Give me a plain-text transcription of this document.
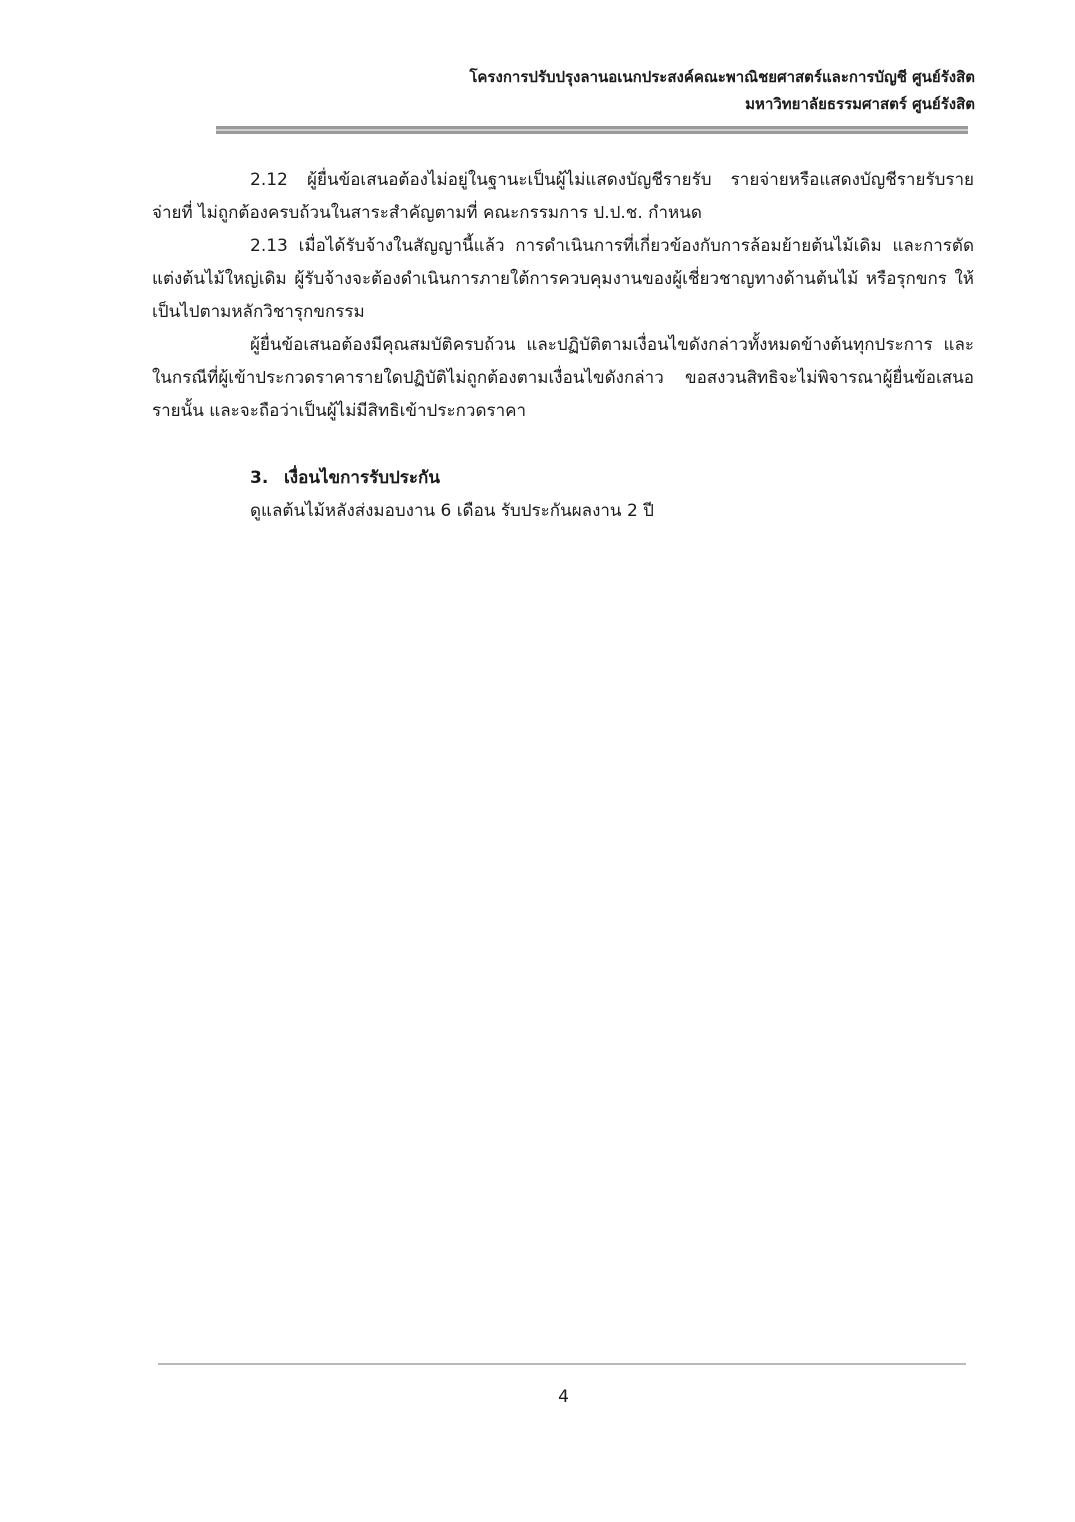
โครงการปรับปรุงลานอเนกประสงค์คณะพาณิชยศาสตร์และการบัญชี ศูนย์รังสิต
มหาวิทยาลัยธรรมศาสตร์ ศูนย์รังสิต

2.12 ผู้ยื่นข้อเสนอต้องไม่อยู่ในฐานะเป็นผู้ไม่แสดงบัญชีรายรับ รายจ่ายหรือแสดงบัญชีรายรับรายจ่ายที่ ไม่ถูกต้องครบถ้วนในสาระสำคัญตามที่ คณะกรรมการ ป.ป.ช. กำหนด

2.13 เมื่อได้รับจ้างในสัญญานี้แล้ว การดำเนินการที่เกี่ยวข้องกับการล้อมย้ายต้นไม้เดิม และการตัดแต่งต้นไม้ใหญ่เดิม ผู้รับจ้างจะต้องดำเนินการภายใต้การควบคุมงานของผู้เชี่ยวชาญทางด้านต้นไม้ หรือรุกขกร ให้เป็นไปตามหลักวิชารุกขกรรม

ผู้ยื่นข้อเสนอต้องมีคุณสมบัติครบถ้วน และปฏิบัติตามเงื่อนไขดังกล่าวทั้งหมดข้างต้นทุกประการ และในกรณีที่ผู้เข้าประกวดราคารายใดปฏิบัติไม่ถูกต้องตามเงื่อนไขดังกล่าว ขอสงวนสิทธิจะไม่พิจารณาผู้ยื่นข้อเสนอรายนั้น และจะถือว่าเป็นผู้ไม่มีสิทธิเข้าประกวดราคา

3. เงื่อนไขการรับประกัน
ดูแลต้นไม้หลังส่งมอบงาน 6 เดือน รับประกันผลงาน 2 ปี
4
